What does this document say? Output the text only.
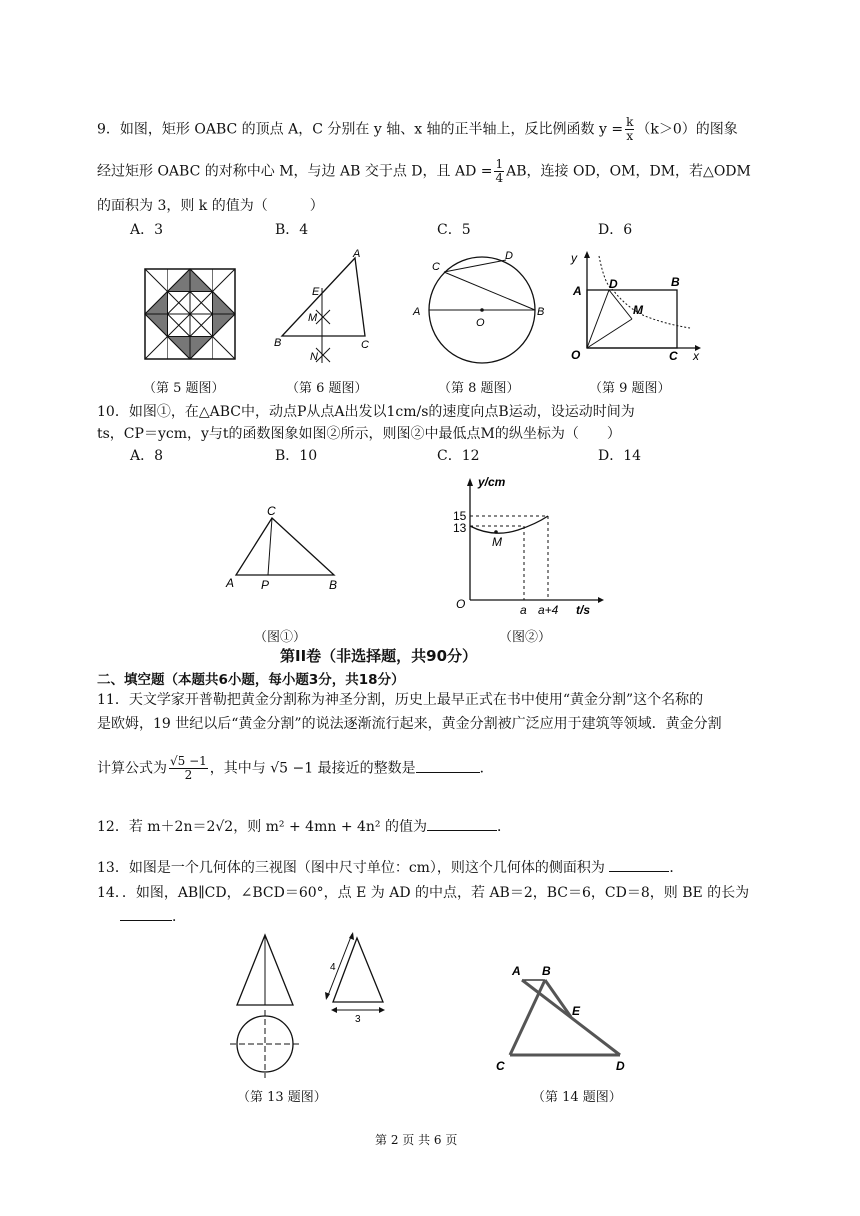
9．如图，矩形 OABC 的顶点 A，C 分别在 y 轴、x 轴的正半轴上，反比例函数 $y = \frac{k}{x} (k>0)$的图象
经过矩形 OABC 的对称中心 M，与边 AB 交于点 D，且 AD = $\frac{1}{4}$ AB，连接 OD，OM，DM，若△ODM
的面积为 3，则 k 的值为（　　　）
A．3	B．4	C．5	D．6
A
E
M
B	C
N
C
D
A
O
B
y
A D	B
M
O	C x
（第 5 题图）	（第 6 题图）	（第 8 题图）	（第 9 题图）
10．如图①，在△ABC中，动点P从点A出发以1cm/s的速度向点B运动，设运动时间为
ts，CP＝ycm，y与t的函数图象如图②所示，则图②中最低点M的纵坐标为（　　）
A．8	B．10	C．12	D．14
C
A P	B
y/cm
15
13
M
O	a a+4 t/s
（图①）	（图②）
第II卷（非选择题，共90分）
二、填空题（本题共6小题，每小题3分，共18分）
11．天文学家开普勒把黄金分割称为神圣分割，历史上最早正式在书中使用“黄金分割”这个名称的
是欧姆，19 世纪以后“黄金分割”的说法逐渐流行起来，黄金分割被广泛应用于建筑等领域．黄金分割
计算公式为 $\frac{√5 -1}{2}$ ，其中与 √5 −1 最接近的整数是	．
12．若 m＋2n＝2√2，则 m² + 4mn + 4n² 的值为	．
13．如图是一个几何体的三视图（图中尺寸单位：cm），则这个几何体的侧面积为	．
14．．如图，AB∥CD，∠BCD＝60°，点 E 为 AD 的中点，若 AB＝2，BC＝6，CD＝8，则 BE 的长为
．
4
3
（第 13 题图）
A B
E
C	D
（第 14 题图）
第 2 页 共 6 页
